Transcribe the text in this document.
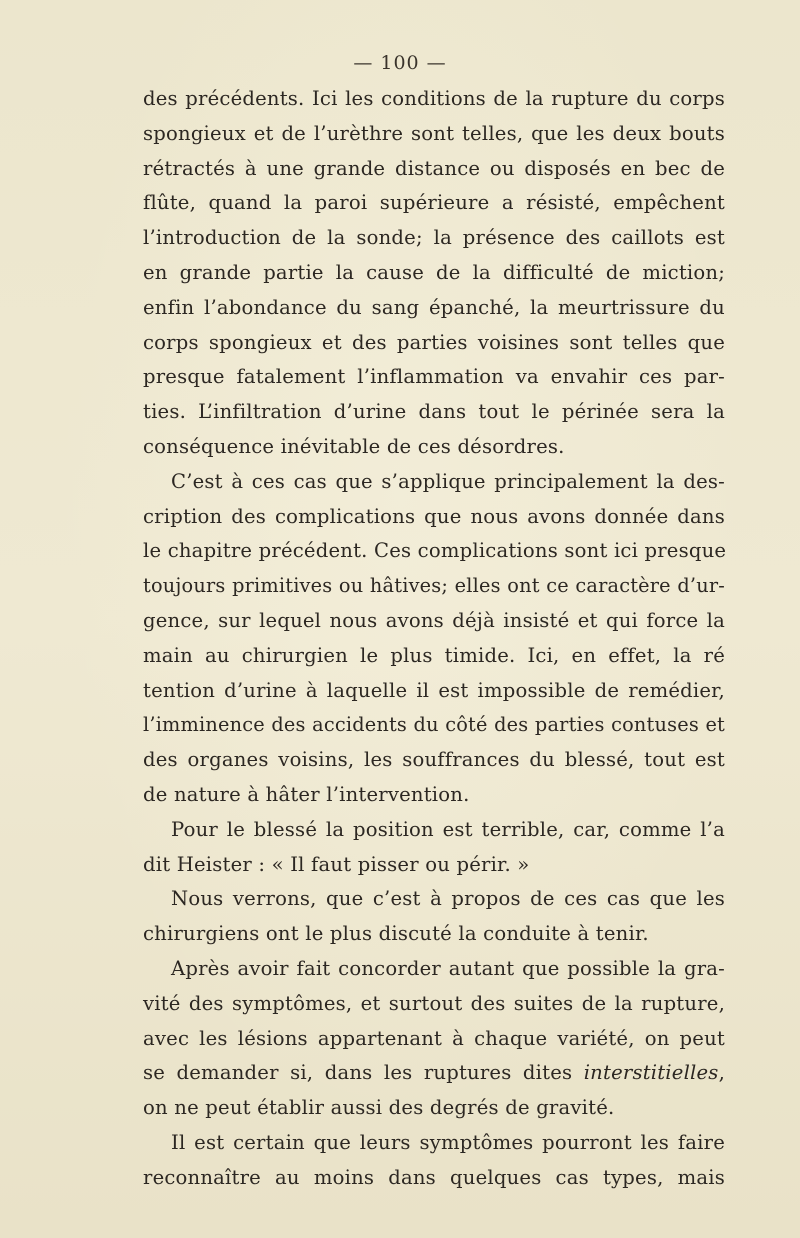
— 100 —
des précédents. Ici les conditions de la rupture du corps
spongieux et de l’urèthre sont telles, que les deux bouts
rétractés à une grande distance ou disposés en bec de
flûte, quand la paroi supérieure a résisté, empêchent
l’introduction de la sonde; la présence des caillots est
en grande partie la cause de la difficulté de miction;
enfin l’abondance du sang épanché, la meurtrissure du
corps spongieux et des parties voisines sont telles que
presque fatalement l’inflammation va envahir ces par-
ties. L’infiltration d’urine dans tout le périnée sera la
conséquence inévitable de ces désordres.
C’est à ces cas que s’applique principalement la des-
cription des complications que nous avons donnée dans
le chapitre précédent. Ces complications sont ici presque
toujours primitives ou hâtives; elles ont ce caractère d’ur-
gence, sur lequel nous avons déjà insisté et qui force la
main au chirurgien le plus timide. Ici, en effet, la ré
tention d’urine à laquelle il est impossible de remédier,
l’imminence des accidents du côté des parties contuses et
des organes voisins, les souffrances du blessé, tout est
de nature à hâter l’intervention.
Pour le blessé la position est terrible, car, comme l’a
dit Heister : « Il faut pisser ou périr. »
Nous verrons, que c’est à propos de ces cas que les
chirurgiens ont le plus discuté la conduite à tenir.
Après avoir fait concorder autant que possible la gra-
vité des symptômes, et surtout des suites de la rupture,
avec les lésions appartenant à chaque variété, on peut
se demander si, dans les ruptures dites interstitielles,
on ne peut établir aussi des degrés de gravité.
Il est certain que leurs symptômes pourront les faire
reconnaître au moins dans quelques cas types, mais
